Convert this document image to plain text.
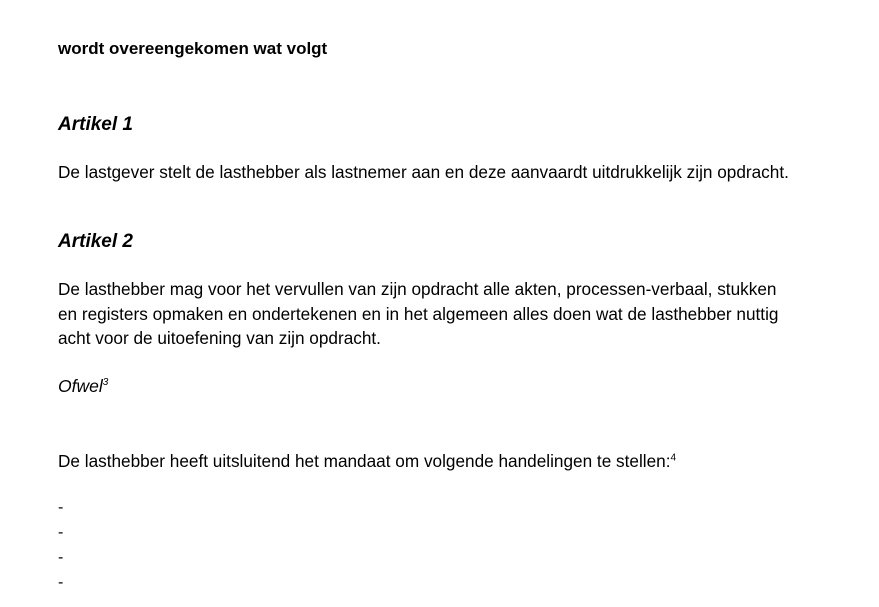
wordt overeengekomen wat volgt
Artikel 1
De lastgever stelt de lasthebber als lastnemer aan en deze aanvaardt uitdrukkelijk zijn opdracht.
Artikel 2
De lasthebber mag voor het vervullen van zijn opdracht alle akten, processen-verbaal, stukken
en registers opmaken en ondertekenen en in het algemeen alles doen wat de lasthebber nuttig
acht voor de uitoefening van zijn opdracht.
Ofwel$^3$
De lasthebber heeft uitsluitend het mandaat om volgende handelingen te stellen:$^4$
-
-
-
-
